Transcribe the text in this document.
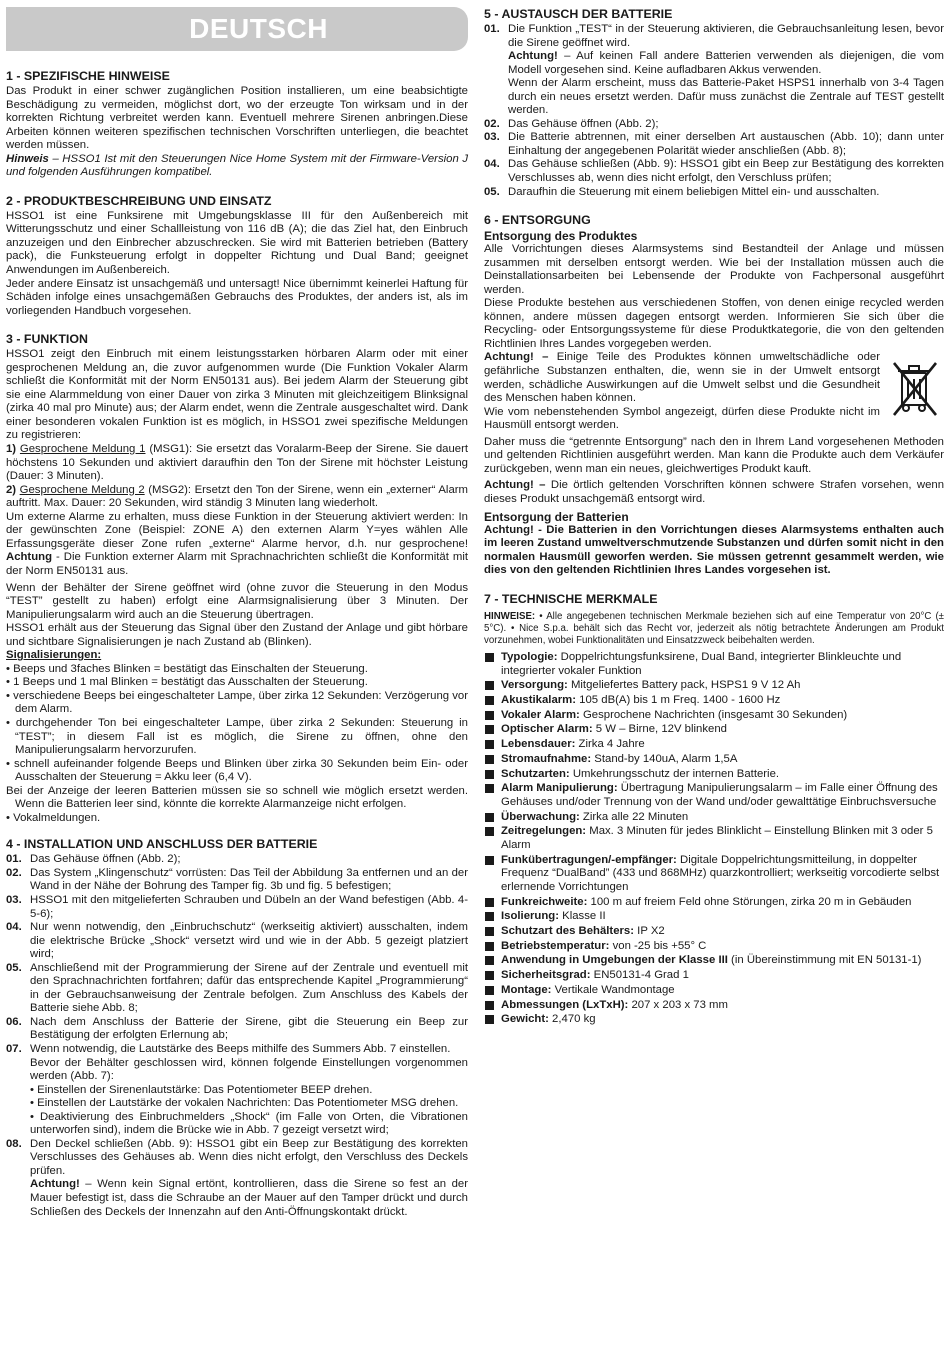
DEUTSCH
1 - SPEZIFISCHE HINWEISE

Das Produkt in einer schwer zugänglichen Position installieren, um eine beabsichtigte Beschädigung zu vermeiden, möglichst dort, wo der erzeugte Ton wirksam und in der korrekten Richtung verbreitet werden kann. Eventuell mehrere Sirenen anbringen.Diese Arbeiten können weiteren spezifischen technischen Vorschriften unterliegen, die beachtet werden müssen.

Hinweis – HSSO1 Ist mit den Steuerungen Nice Home System mit der Firmware-Version J und folgenden Ausführungen kompatibel.

2 - PRODUKTBESCHREIBUNG UND EINSATZ

HSSO1 ist eine Funksirene mit Umgebungsklasse III für den Außenbereich mit Witterungsschutz und einer Schallleistung von 116 dB (A); die das Ziel hat, den Einbruch anzuzeigen und den Einbrecher abzuschrecken. Sie wird mit Batterien betrieben (Battery pack), die Funksteuerung erfolgt in doppelter Richtung und Dual Band; geeignet Anwendungen im Außenbereich.

Jeder andere Einsatz ist unsachgemäß und untersagt! Nice übernimmt keinerlei Haftung für Schäden infolge eines unsachgemäßen Gebrauchs des Produktes, der anders ist, als im vorliegenden Handbuch vorgesehen.

3 - FUNKTION

HSSO1 zeigt den Einbruch mit einem leistungsstarken hörbaren Alarm oder mit einer gesprochenen Meldung an, die zuvor aufgenommen wurde (Die Funktion Vokaler Alarm schließt die Konformität mit der Norm EN50131 aus). Bei jedem Alarm der Steuerung gibt sie eine Alarmmeldung von einer Dauer von zirka 3 Minuten mit gleichzeitigem Blinksignal (zirka 40 mal pro Minute) aus; der Alarm endet, wenn die Zentrale ausgeschaltet wird. Dank einer besonderen vokalen Funktion ist es möglich, in HSSO1 zwei spezifische Meldungen zu registrieren:

1) Gesprochene Meldung 1 (MSG1): Sie ersetzt das Voralarm-Beep der Sirene. Sie dauert höchstens 10 Sekunden und aktiviert daraufhin den Ton der Sirene mit höchster Leistung (Dauer: 3 Minuten).

2) Gesprochene Meldung 2 (MSG2): Ersetzt den Ton der Sirene, wenn ein „externer“ Alarm auftritt. Max. Dauer: 20 Sekunden, wird ständig 3 Minuten lang wiederholt.

Um externe Alarme zu erhalten, muss diese Funktion in der Steuerung aktiviert werden: In der gewünschten Zone (Beispiel: ZONE A) den externen Alarm Y=yes wählen Alle Erfassungsgeräte dieser Zone rufen „externe“ Alarme hervor, d.h. nur gesprochene! Achtung - Die Funktion externer Alarm mit Sprachnachrichten schließt die Konformität mit der Norm EN50131 aus.

Wenn der Behälter der Sirene geöffnet wird (ohne zuvor die Steuerung in den Modus “TEST” gestellt zu haben) erfolgt eine Alarmsignalisierung über 3 Minuten. Der Manipulierungsalarm wird auch an die Steuerung übertragen.

HSSO1 erhält aus der Steuerung das Signal über den Zustand der Anlage und gibt hörbare und sichtbare Signalisierungen je nach Zustand ab (Blinken).

Signalisierungen:

• Beeps und 3faches Blinken = bestätigt das Einschalten der Steuerung.
• 1 Beeps und 1 mal Blinken = bestätigt das Ausschalten der Steuerung.
• verschiedene Beeps bei eingeschalteter Lampe, über zirka 12 Sekunden: Verzögerung vor dem Alarm.
• durchgehender Ton bei eingeschalteter Lampe, über zirka 2 Sekunden: Steuerung in “TEST”; in diesem Fall ist es möglich, die Sirene zu öffnen, ohne den Manipulierungsalarm hervorzurufen.
• schnell aufeinander folgende Beeps und Blinken über zirka 30 Sekunden beim Ein- oder Ausschalten der Steuerung = Akku leer (6,4 V).
Bei der Anzeige der leeren Batterien müssen sie so schnell wie möglich ersetzt werden. Wenn die Batterien leer sind, könnte die korrekte Alarmanzeige nicht erfolgen.
• Vokalmeldungen.
4 - INSTALLATION UND ANSCHLUSS DER BATTERIE
01. Das Gehäuse öffnen (Abb. 2);
02. Das System „Klingenschutz“ vorrüsten: Das Teil der Abbildung 3a entfernen und an der Wand in der Nähe der Bohrung des Tamper fig. 3b und fig. 5 befestigen;
03. HSSO1 mit den mitgelieferten Schrauben und Dübeln an der Wand befestigen (Abb. 4-5-6);
04. Nur wenn notwendig, den „Einbruchschutz“ (werkseitig aktiviert) ausschalten, indem die elektrische Brücke „Shock“ versetzt wird und wie in der Abb. 5 gezeigt platziert wird;
05. Anschließend mit der Programmierung der Sirene auf der Zentrale und eventuell mit den Sprachnachrichten fortfahren; dafür das entsprechende Kapitel „Programmierung“ in der Gebrauchsanweisung der Zentrale befolgen. Zum Anschluss des Kabels der Batterie siehe Abb. 8;
06. Nach dem Anschluss der Batterie der Sirene, gibt die Steuerung ein Beep zur Bestätigung der erfolgten Erlernung ab;
07. Wenn notwendig, die Lautstärke des Beeps mithilfe des Summers Abb. 7 einstellen.
Bevor der Behälter geschlossen wird, können folgende Einstellungen vorgenommen werden (Abb. 7):
• Einstellen der Sirenenlautstärke: Das Potentiometer BEEP drehen.
• Einstellen der Lautstärke der vokalen Nachrichten: Das Potentiometer MSG drehen.
• Deaktivierung des Einbruchmelders „Shock“ (im Falle von Orten, die Vibrationen unterworfen sind), indem die Brücke wie in Abb. 7 gezeigt versetzt wird;
08. Den Deckel schließen (Abb. 9): HSSO1 gibt ein Beep zur Bestätigung des korrekten Verschlusses des Gehäuses ab. Wenn dies nicht erfolgt, den Verschluss des Deckels prüfen.
Achtung! – Wenn kein Signal ertönt, kontrollieren, dass die Sirene so fest an der Mauer befestigt ist, dass die Schraube an der Mauer auf den Tamper drückt und durch Schließen des Deckels der Innenzahn auf den Anti-Öffnungskontakt drückt.
5 - AUSTAUSCH DER BATTERIE
01. Die Funktion „TEST“ in der Steuerung aktivieren, die Gebrauchsanleitung lesen, bevor die Sirene geöffnet wird.
Achtung! – Auf keinen Fall andere Batterien verwenden als diejenigen, die vom Modell vorgesehen sind. Keine aufladbaren Akkus verwenden.
Wenn der Alarm erscheint, muss das Batterie-Paket HSPS1 innerhalb von 3-4 Tagen durch ein neues ersetzt werden. Dafür muss zunächst die Zentrale auf TEST gestellt werden.
02. Das Gehäuse öffnen (Abb. 2);
03. Die Batterie abtrennen, mit einer derselben Art austauschen (Abb. 10); dann unter Einhaltung der angegebenen Polarität wieder anschließen (Abb. 8);
04. Das Gehäuse schließen (Abb. 9): HSSO1 gibt ein Beep zur Bestätigung des korrekten Verschlusses ab, wenn dies nicht erfolgt, den Verschluss prüfen;
05. Daraufhin die Steuerung mit einem beliebigen Mittel ein- und ausschalten.
6 - ENTSORGUNG
Entsorgung des Produktes

Alle Vorrichtungen dieses Alarmsystems sind Bestandteil der Anlage und müssen zusammen mit derselben entsorgt werden. Wie bei der Installation müssen auch die Deinstallationsarbeiten bei Lebensende der Produkte von Fachpersonal ausgeführt werden.

Diese Produkte bestehen aus verschiedenen Stoffen, von denen einige recycled werden können, andere müssen dagegen entsorgt werden. Informieren Sie sich über die Recycling- oder Entsorgungssysteme für diese Produktkategorie, die von den geltenden Richtlinien Ihres Landes vorgegeben werden.

Achtung! – Einige Teile des Produktes können umweltschädliche oder gefährliche Substanzen enthalten, die, wenn sie in der Umwelt entsorgt werden, schädliche Auswirkungen auf die Umwelt selbst und die Gesundheit des Menschen haben können.

Wie vom nebenstehenden Symbol angezeigt, dürfen diese Produkte nicht im Hausmüll entsorgt werden.

Daher muss die “getrennte Entsorgung” nach den in Ihrem Land vorgesehenen Methoden und geltenden Richtlinien ausgeführt werden. Man kann die Produkte auch dem Verkäufer zurückgeben, wenn man ein neues, gleichwertiges Produkt kauft.

Achtung! – Die örtlich geltenden Vorschriften können schwere Strafen vorsehen, wenn dieses Produkt unsachgemäß entsorgt wird.

Entsorgung der Batterien

Achtung! - Die Batterien in den Vorrichtungen dieses Alarmsystems enthalten auch im leeren Zustand umweltverschmutzende Substanzen und dürfen somit nicht in den normalen Hausmüll geworfen werden. Sie müssen getrennt gesammelt werden, wie dies von den geltenden Richtlinien Ihres Landes vorgesehen ist.

7 - TECHNISCHE MERKMALE

HINWEISE: • Alle angegebenen technischen Merkmale beziehen sich auf eine Temperatur von 20°C (± 5°C). • Nice S.p.a. behält sich das Recht vor, jederzeit als nötig betrachtete Änderungen am Produkt vorzunehmen, wobei Funktionalitäten und Einsatzzweck beibehalten werden.

Typologie: Doppelrichtungsfunksirene, Dual Band, integrierter Blinkleuchte und integrierter vokaler Funktion
Versorgung: Mitgeliefertes Battery pack, HSPS1 9 V 12 Ah
Akustikalarm: 105 dB(A) bis 1 m Freq. 1400 - 1600 Hz
Vokaler Alarm: Gesprochene Nachrichten (insgesamt 30 Sekunden)
Optischer Alarm: 5 W – Birne, 12V blinkend
Lebensdauer: Zirka 4 Jahre
Stromaufnahme: Stand-by 140uA, Alarm 1,5A
Schutzarten: Umkehrungsschutz der internen Batterie.
Alarm Manipulierung: Übertragung Manipulierungsalarm – im Falle einer Öffnung des Gehäuses und/oder Trennung von der Wand und/oder gewalttätige Einbruchsversuche
Überwachung: Zirka alle 22 Minuten
Zeitregelungen: Max. 3 Minuten für jedes Blinklicht – Einstellung Blinken mit 3 oder 5 Alarm
Funkübertragungen/-empfänger: Digitale Doppelrichtungsmitteilung, in doppelter Frequenz “DualBand” (433 und 868MHz) quarzkontrolliert; werkseitig vorcodierte selbst erlernende Vorrichtungen
Funkreichweite: 100 m auf freiem Feld ohne Störungen, zirka 20 m in Gebäuden
Isolierung: Klasse II
Schutzart des Behälters: IP X2
Betriebstemperatur: von -25 bis +55° C
Anwendung in Umgebungen der Klasse III (in Übereinstimmung mit EN 50131-1)
Sicherheitsgrad: EN50131-4 Grad 1
Montage: Vertikale Wandmontage
Abmessungen (LxTxH): 207 x 203 x 73 mm
Gewicht: 2,470 kg
